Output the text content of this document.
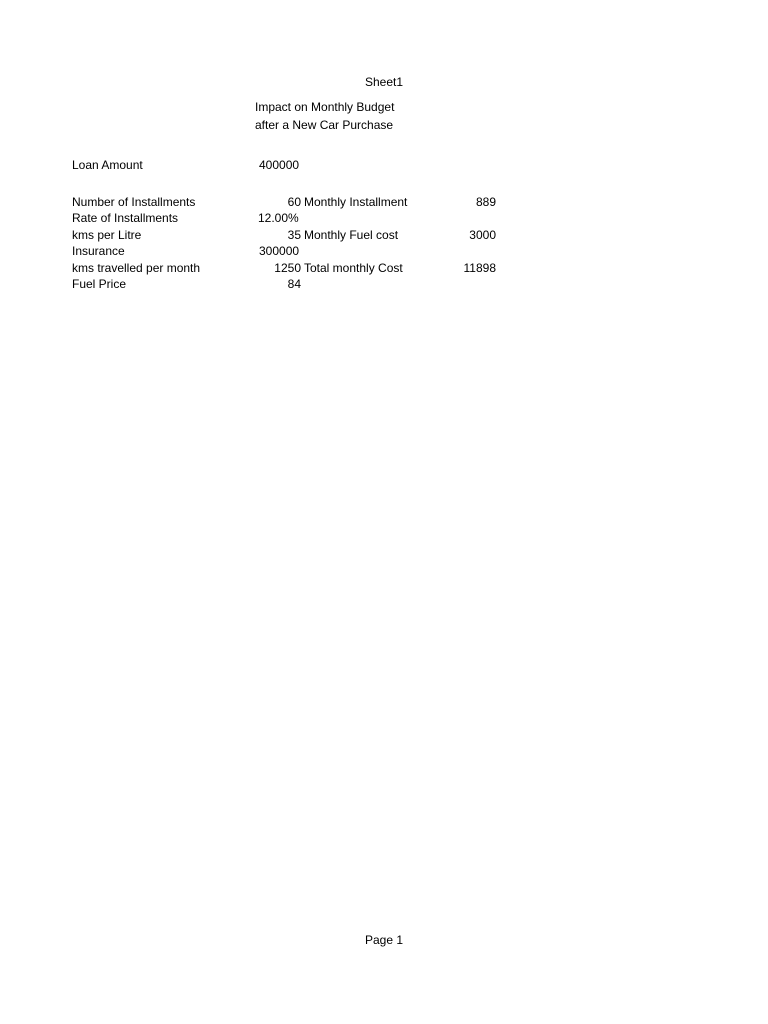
Sheet1
Impact on Monthly Budget
after a New Car Purchase
Loan Amount	400000
Number of Installments
Rate of Installments
kms per Litre
Insurance
kms travelled per month
Fuel Price
60
12.00%
35
300000
1250
84
Monthly Installment
Monthly Fuel cost
Total monthly Cost
889
3000
11898
Page 1
